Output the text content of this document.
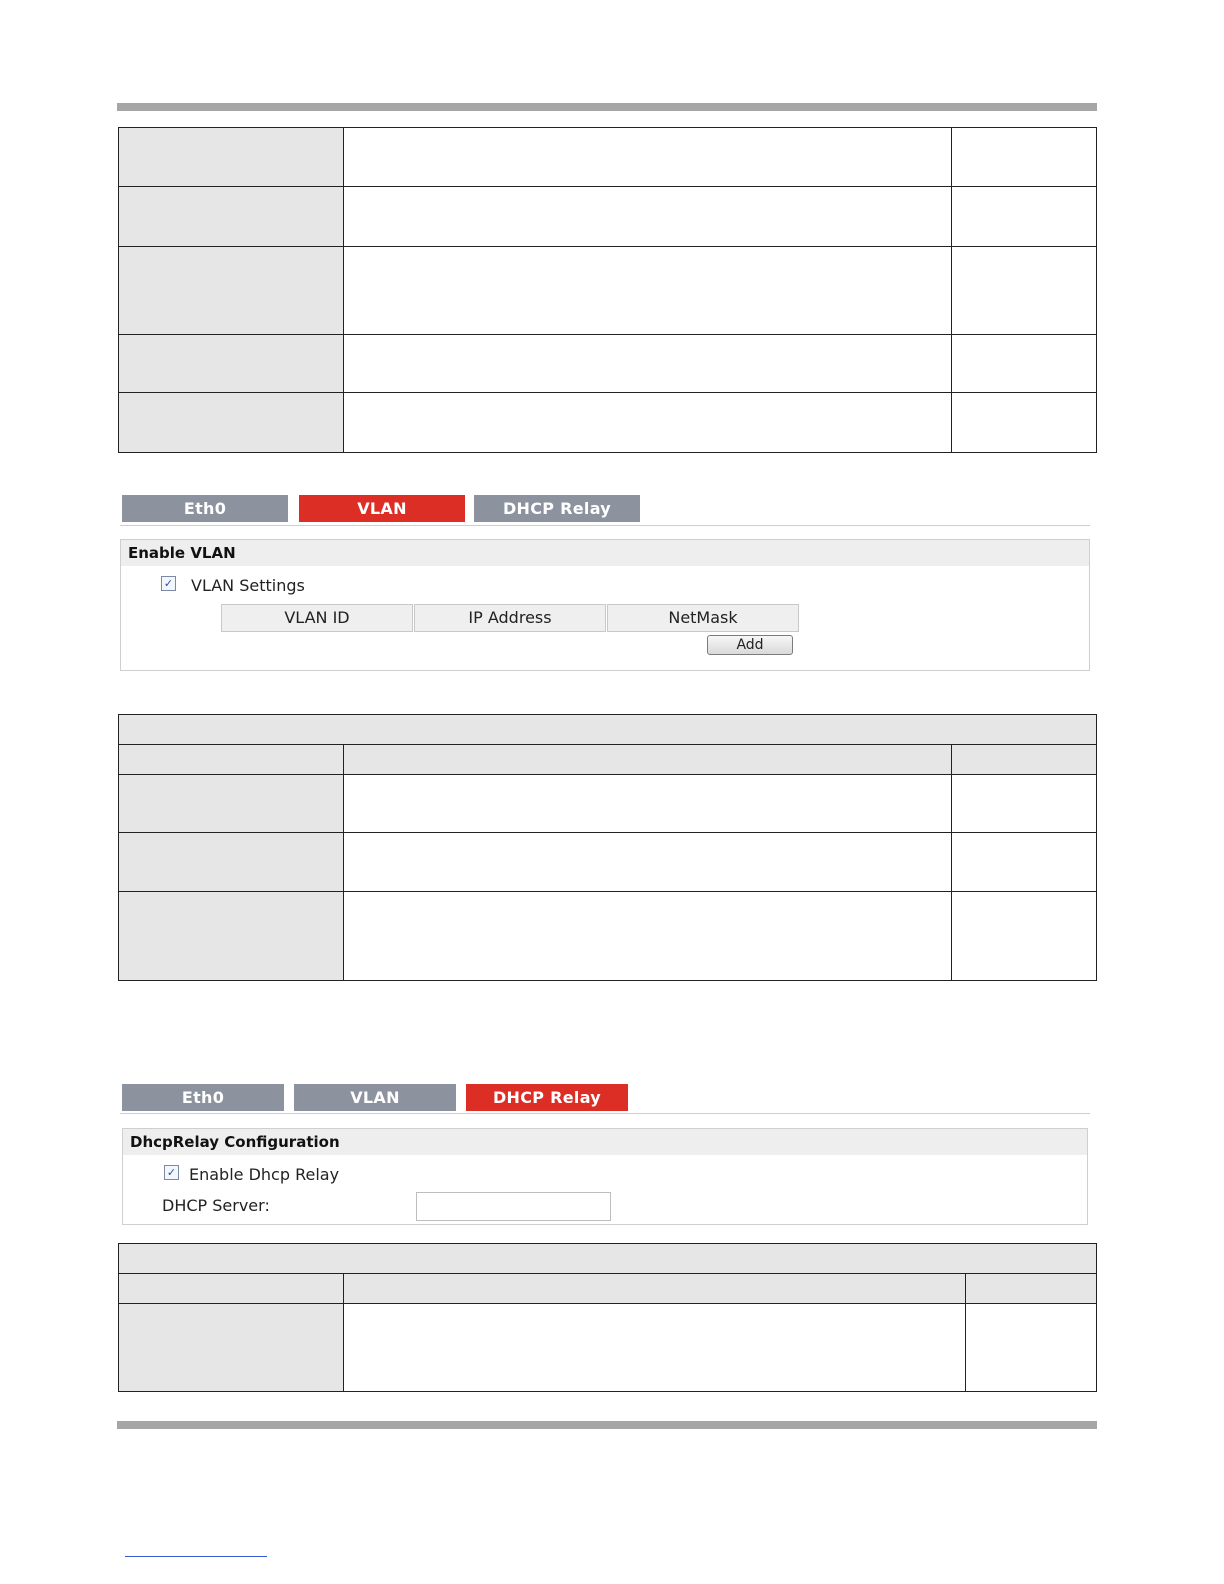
Eth0	VLAN	DHCP Relay
Enable VLAN
✓ VLAN Settings
VLAN ID	IP Address	NetMask
Add

Eth0	VLAN	DHCP Relay
DhcpRelay Configuration
✓ Enable Dhcp Relay
DHCP Server:
